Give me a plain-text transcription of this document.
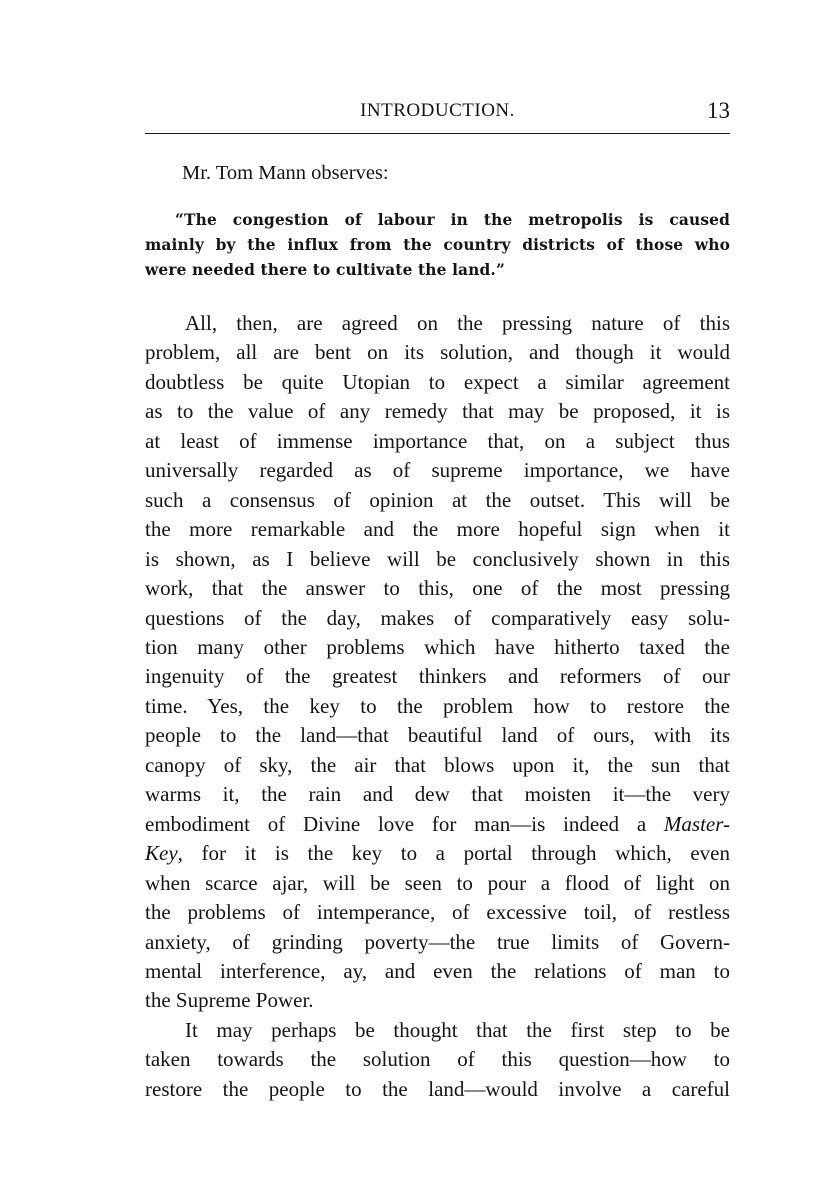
INTRODUCTION.	13

Mr. Tom Mann observes:

“The congestion of labour in the metropolis is caused
mainly by the influx from the country districts of those who
were needed there to cultivate the land.”

All, then, are agreed on the pressing nature of this
problem, all are bent on its solution, and though it would
doubtless be quite Utopian to expect a similar agreement
as to the value of any remedy that may be proposed, it is
at least of immense importance that, on a subject thus
universally regarded as of supreme importance, we have
such a consensus of opinion at the outset. This will be
the more remarkable and the more hopeful sign when it
is shown, as I believe will be conclusively shown in this
work, that the answer to this, one of the most pressing
questions of the day, makes of comparatively easy solu-
tion many other problems which have hitherto taxed the
ingenuity of the greatest thinkers and reformers of our
time. Yes, the key to the problem how to restore the
people to the land—that beautiful land of ours, with its
canopy of sky, the air that blows upon it, the sun that
warms it, the rain and dew that moisten it—the very
embodiment of Divine love for man—is indeed a Master-
Key, for it is the key to a portal through which, even
when scarce ajar, will be seen to pour a flood of light on
the problems of intemperance, of excessive toil, of restless
anxiety, of grinding poverty—the true limits of Govern-
mental interference, ay, and even the relations of man to
the Supreme Power.

It may perhaps be thought that the first step to be
taken towards the solution of this question—how to
restore the people to the land—would involve a careful
